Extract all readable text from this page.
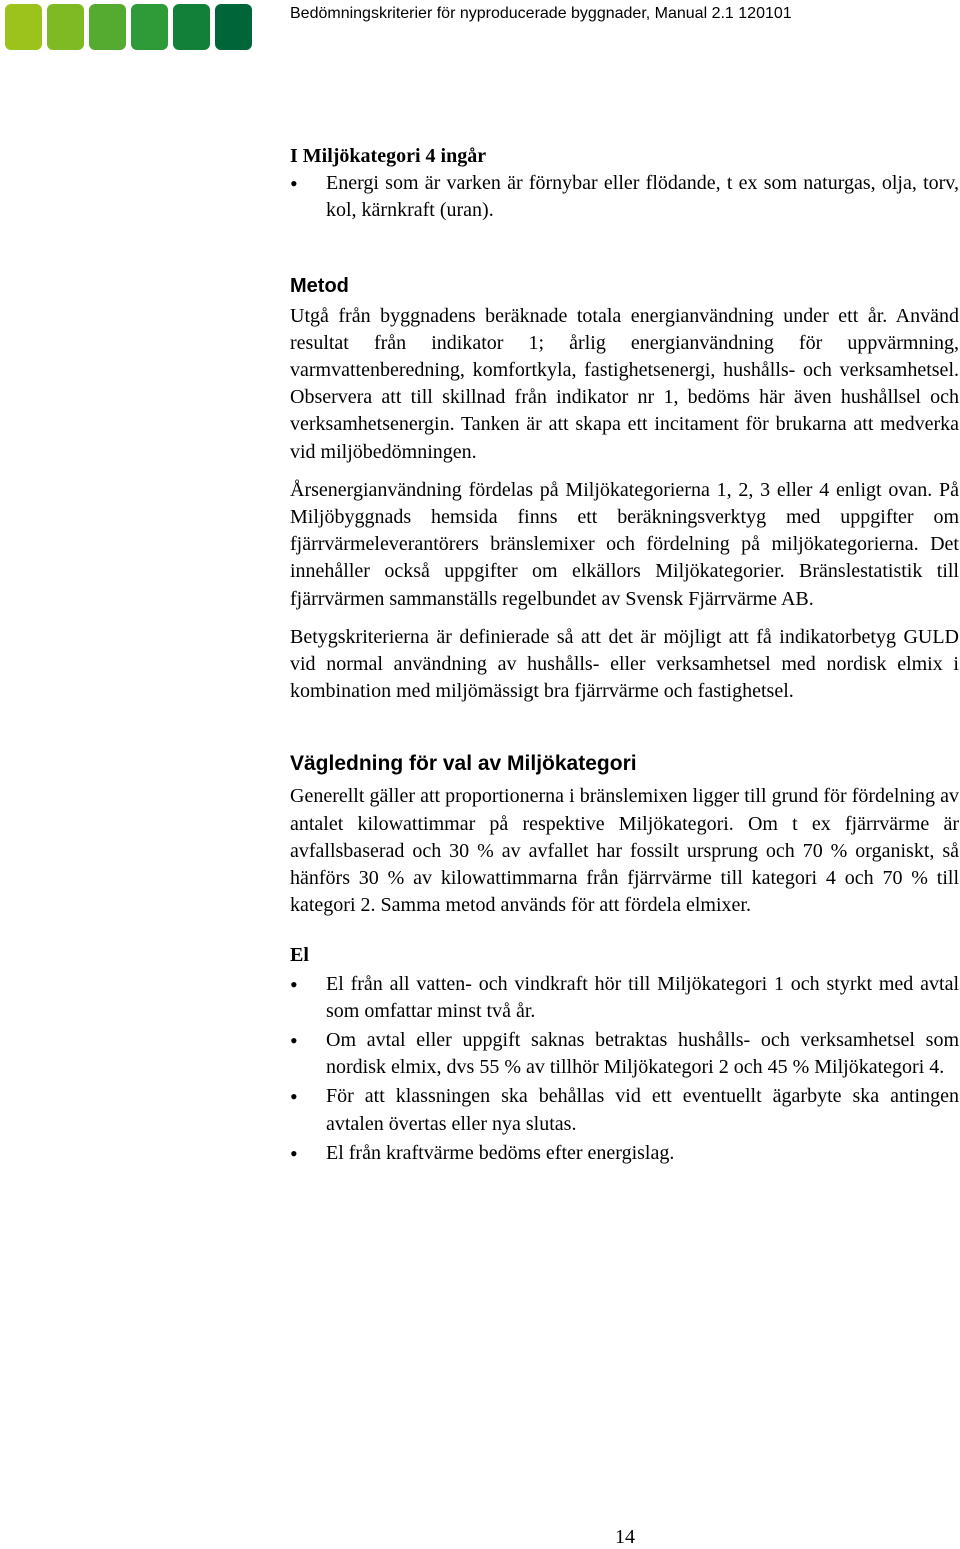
Bedömningskriterier för nyproducerade byggnader, Manual 2.1 120101

I Miljökategori 4 ingår

• Energi som är varken är förnybar eller flödande, t ex som naturgas, olja, torv, kol, kärnkraft (uran).

Metod

Utgå från byggnadens beräknade totala energianvändning under ett år. Använd resultat från indikator 1; årlig energianvändning för uppvärmning, varmvattenberedning, komfortkyla, fastighetsenergi, hushålls- och verksamhetsel. Observera att till skillnad från indikator nr 1, bedöms här även hushållsel och verksamhetsenergin. Tanken är att skapa ett incitament för brukarna att medverka vid miljöbedömningen.

Årsenergianvändning fördelas på Miljökategorierna 1, 2, 3 eller 4 enligt ovan. På Miljöbyggnads hemsida finns ett beräkningsverktyg med uppgifter om fjärrvärmeleverantörers bränslemixer och fördelning på miljökategorierna. Det innehåller också uppgifter om elkällors Miljökategorier. Bränslestatistik till fjärrvärmen sammanställs regelbundet av Svensk Fjärrvärme AB.

Betygskriterierna är definierade så att det är möjligt att få indikatorbetyg GULD vid normal användning av hushålls- eller verksamhetsel med nordisk elmix i kombination med miljömässigt bra fjärrvärme och fastighetsel.

Vägledning för val av Miljökategori

Generellt gäller att proportionerna i bränslemixen ligger till grund för fördelning av antalet kilowattimmar på respektive Miljökategori. Om t ex fjärrvärme är avfallsbaserad och 30 % av avfallet har fossilt ursprung och 70 % organiskt, så hänförs 30 % av kilowattimmarna från fjärrvärme till kategori 4 och 70 % till kategori 2. Samma metod används för att fördela elmixer.

El

• El från all vatten- och vindkraft hör till Miljökategori 1 och styrkt med avtal som omfattar minst två år.
• Om avtal eller uppgift saknas betraktas hushålls- och verksamhetsel som nordisk elmix, dvs 55 % av tillhör Miljökategori 2 och 45 % Miljökategori 4.
• För att klassningen ska behållas vid ett eventuellt ägarbyte ska antingen avtalen övertas eller nya slutas.
• El från kraftvärme bedöms efter energislag.
14
